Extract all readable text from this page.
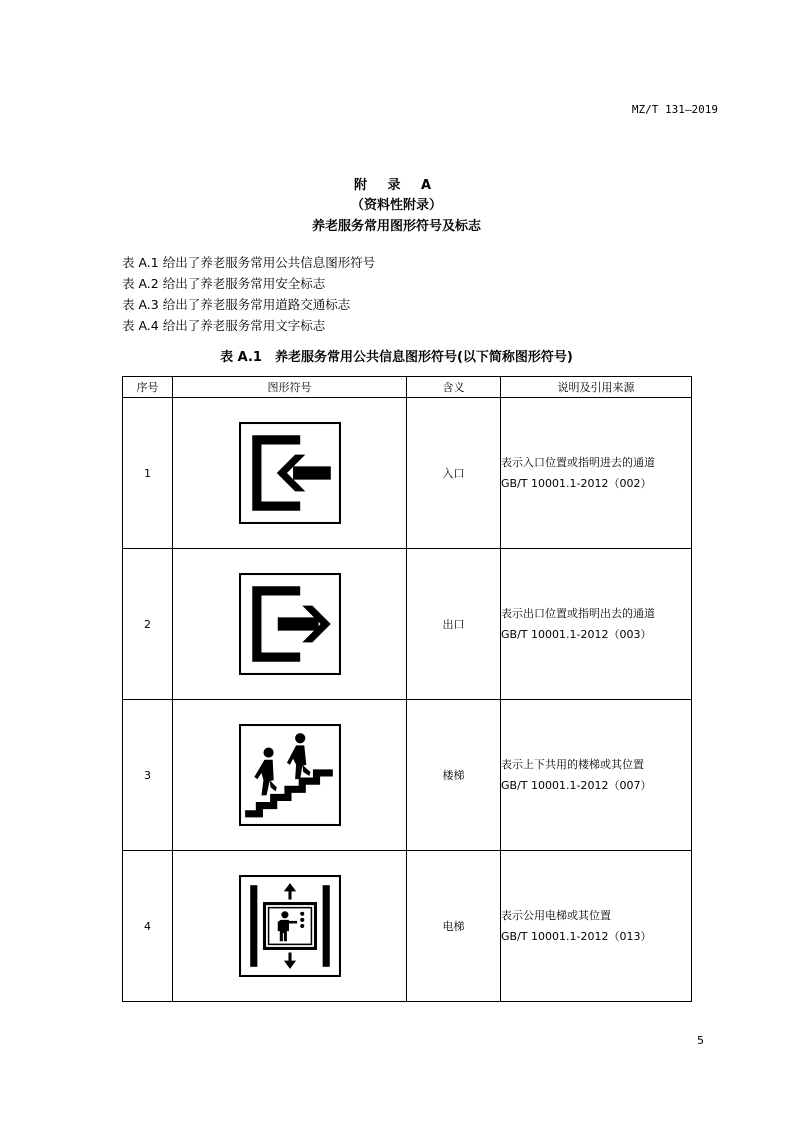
MZ/T 131—2019
附 录 A
（资料性附录）
养老服务常用图形符号及标志
表 A.1 给出了养老服务常用公共信息图形符号
表 A.2 给出了养老服务常用安全标志
表 A.3 给出了养老服务常用道路交通标志
表 A.4 给出了养老服务常用文字标志
表 A.1　养老服务常用公共信息图形符号(以下简称图形符号)
序号	图形符号	含义	说明及引用来源
1		入口	表示入口位置或指明进去的通道
GB/T 10001.1-2012（002）

2		出口	表示出口位置或指明出去的通道
GB/T 10001.1-2012（003）

3		楼梯	表示上下共用的楼梯或其位置
GB/T 10001.1-2012（007）

4		电梯	表示公用电梯或其位置
GB/T 10001.1-2012（013）
5
